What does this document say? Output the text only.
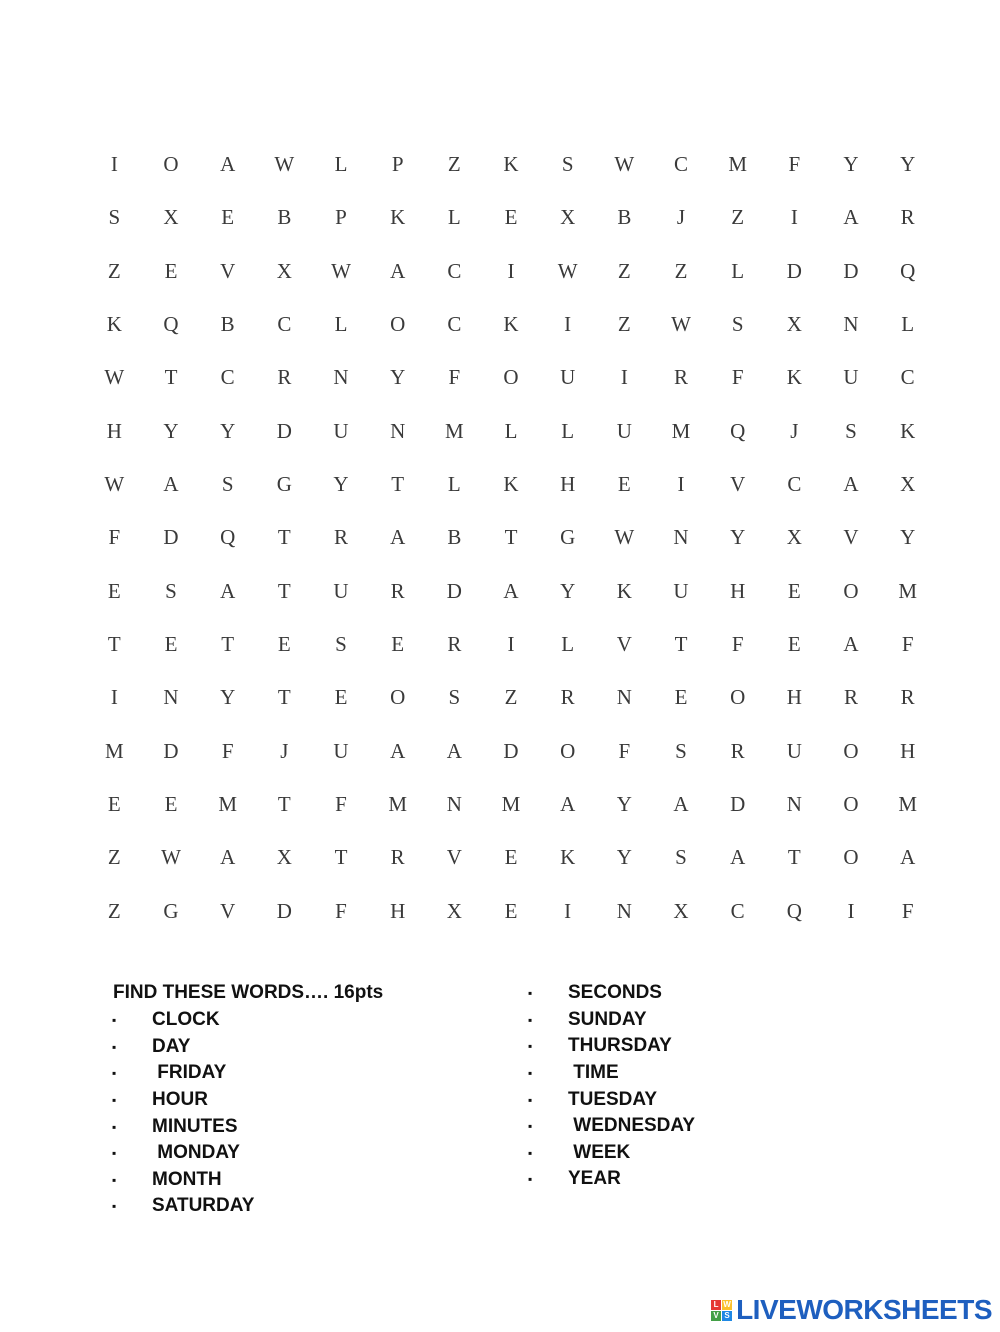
I	O	A	W	L	P	Z	K	S	W	C	M	F	Y	Y
S	X	E	B	P	K	L	E	X	B	J	Z	I	A	R
Z	E	V	X	W	A	C	I	W	Z	Z	L	D	D	Q
K	Q	B	C	L	O	C	K	I	Z	W	S	X	N	L
W	T	C	R	N	Y	F	O	U	I	R	F	K	U	C
H	Y	Y	D	U	N	M	L	L	U	M	Q	J	S	K
W	A	S	G	Y	T	L	K	H	E	I	V	C	A	X
F	D	Q	T	R	A	B	T	G	W	N	Y	X	V	Y
E	S	A	T	U	R	D	A	Y	K	U	H	E	O	M
T	E	T	E	S	E	R	I	L	V	T	F	E	A	F
I	N	Y	T	E	O	S	Z	R	N	E	O	H	R	R
M	D	F	J	U	A	A	D	O	F	S	R	U	O	H
E	E	M	T	F	M	N	M	A	Y	A	D	N	O	M
Z	W	A	X	T	R	V	E	K	Y	S	A	T	O	A
Z	G	V	D	F	H	X	E	I	N	X	C	Q	I	F
FIND THESE WORDS…. 16pts
▪	CLOCK
▪	DAY
▪	FRIDAY
▪	HOUR
▪	MINUTES
▪	MONDAY
▪	MONTH
▪	SATURDAY
▪	SECONDS
▪	SUNDAY
▪	THURSDAY
▪	TIME
▪	TUESDAY
▪	WEDNESDAY
▪	WEEK
▪	YEAR
L W
V S LIVEWORKSHEETS
